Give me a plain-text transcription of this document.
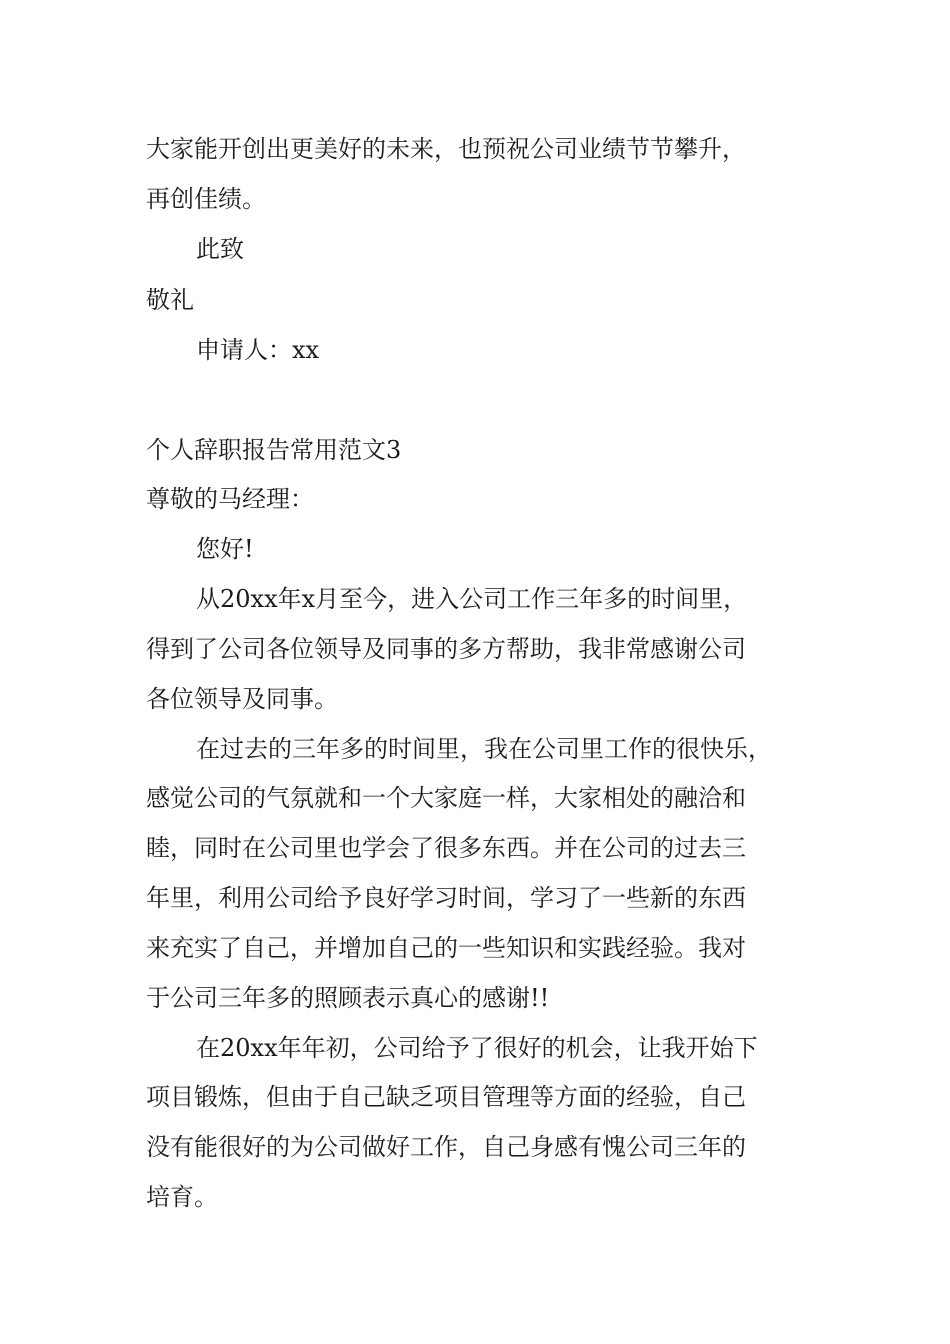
大家能开创出更美好的未来，也预祝公司业绩节节攀升，
再创佳绩。
此致
敬礼
申请人：xx
个人辞职报告常用范文3
尊敬的马经理：
您好!
从20xx年x月至今，进入公司工作三年多的时间里，
得到了公司各位领导及同事的多方帮助，我非常感谢公司
各位领导及同事。
在过去的三年多的时间里，我在公司里工作的很快乐，
感觉公司的气氛就和一个大家庭一样，大家相处的融洽和
睦，同时在公司里也学会了很多东西。并在公司的过去三
年里，利用公司给予良好学习时间，学习了一些新的东西
来充实了自己，并增加自己的一些知识和实践经验。我对
于公司三年多的照顾表示真心的感谢!!
在20xx年年初，公司给予了很好的机会，让我开始下
项目锻炼，但由于自己缺乏项目管理等方面的经验，自己
没有能很好的为公司做好工作，自己身感有愧公司三年的
培育。
